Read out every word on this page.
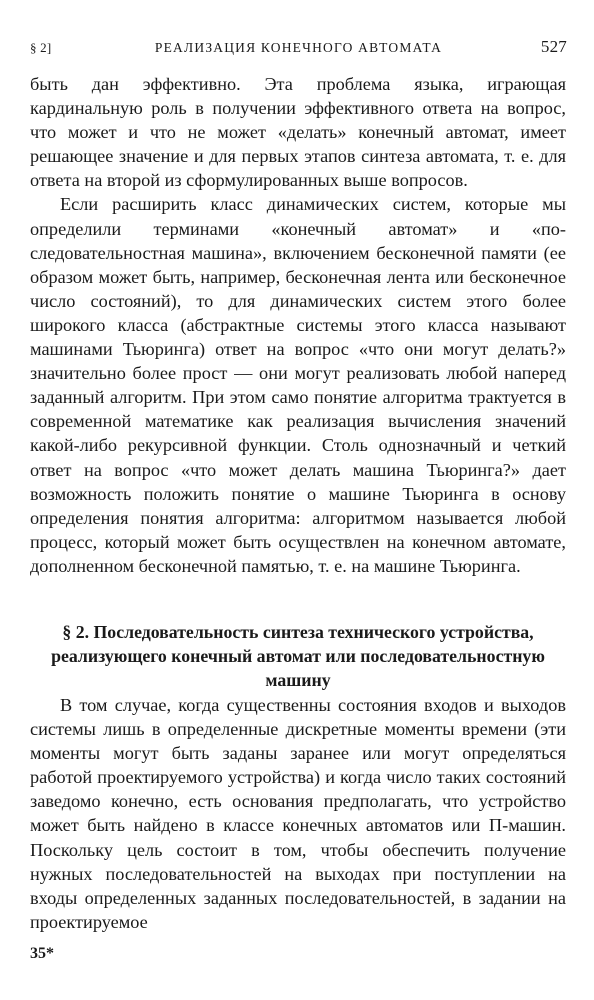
§ 2]	РЕАЛИЗАЦИЯ КОНЕЧНОГО АВТОМАТА	527

быть дан эффективно. Эта проблема языка, играющая кардинальную роль в получении эффективного ответа на вопрос, что может и что не может «делать» конечный автомат, имеет решающее значение и для первых этапов синтеза автомата, т. е. для ответа на второй из сформулированных выше вопросов.

Если расширить класс динамических систем, которые мы определили терминами «конечный автомат» и «последовательностная машина», включением бесконечной памяти (ее образом может быть, например, бесконечная лента или бесконечное число состояний), то для динамических систем этого более широкого класса (абстрактные системы этого класса называют машинами Тьюринга) ответ на вопрос «что они могут делать?» значительно более прост — они могут реализовать любой наперед заданный алгоритм. При этом само понятие алгоритма трактуется в современной математике как реализация вычисления значений какой-либо рекурсивной функции. Столь однозначный и четкий ответ на вопрос «что может делать машина Тьюринга?» дает возможность положить понятие о машине Тьюринга в основу определения понятия алгоритма: алгоритмом называется любой процесс, который может быть осуществлен на конечном автомате, дополненном бесконечной памятью, т. е. на машине Тьюринга.

§ 2. Последовательность синтеза технического устройства, реализующего конечный автомат или последовательностную машину

В том случае, когда существенны состояния входов и выходов системы лишь в определенные дискретные моменты времени (эти моменты могут быть заданы заранее или могут определяться работой проектируемого устройства) и когда число таких состояний заведомо конечно, есть основания предполагать, что устройство может быть найдено в классе конечных автоматов или П-машин. Поскольку цель состоит в том, чтобы обеспечить получение нужных последовательностей на выходах при поступлении на входы определенных заданных последовательностей, в задании на проектируемое

35*
